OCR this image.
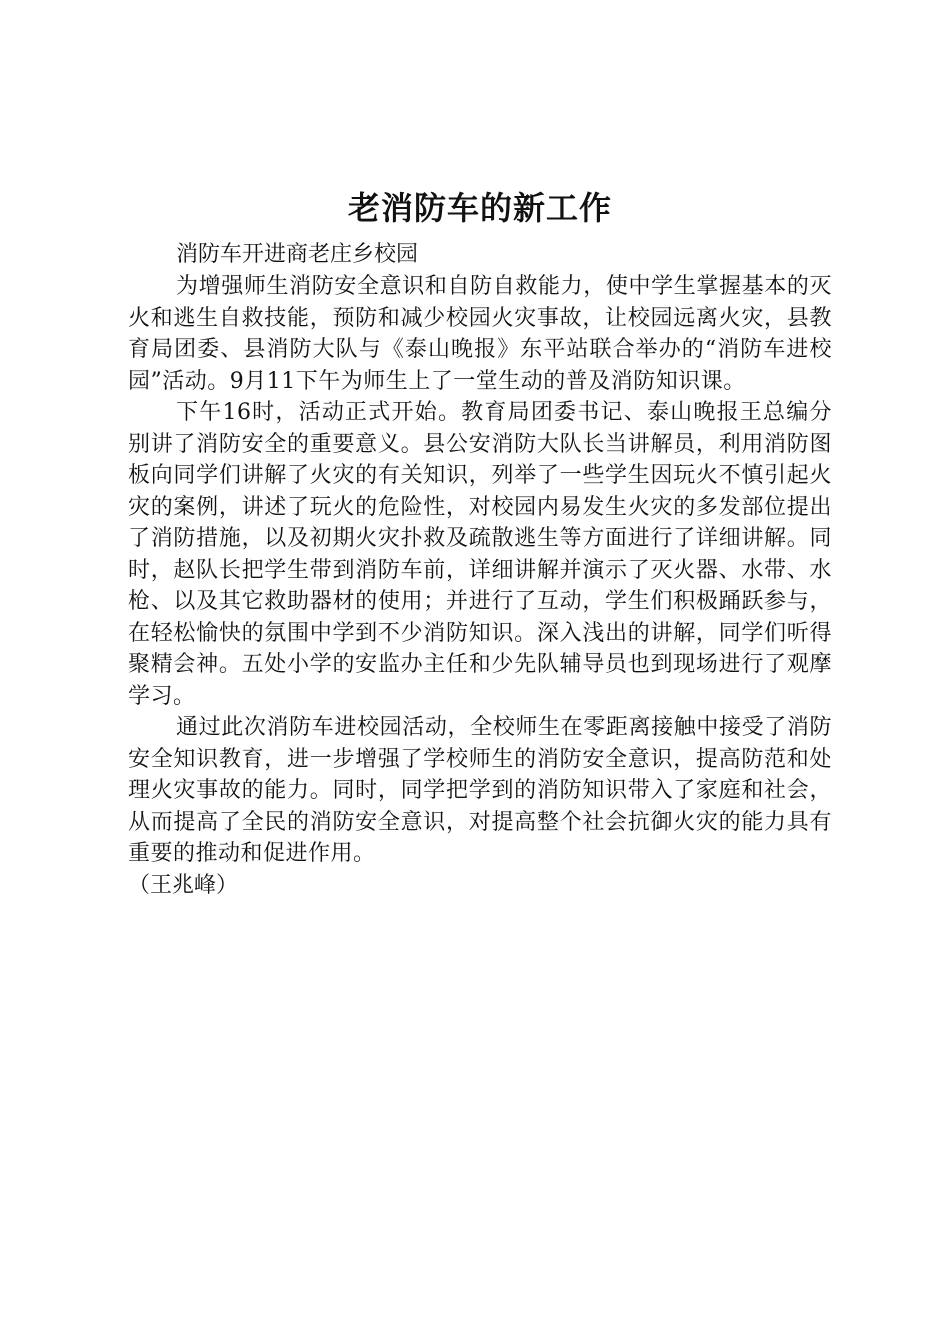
老消防车的新工作

消防车开进商老庄乡校园

为增强师生消防安全意识和自防自救能力，使中学生掌握基本的灭火和逃生自救技能，预防和减少校园火灾事故，让校园远离火灾，县教育局团委、县消防大队与《泰山晚报》东平站联合举办的“消防车进校园”活动。9月11下午为师生上了一堂生动的普及消防知识课。

下午16时，活动正式开始。教育局团委书记、泰山晚报王总编分别讲了消防安全的重要意义。县公安消防大队长当讲解员，利用消防图板向同学们讲解了火灾的有关知识，列举了一些学生因玩火不慎引起火灾的案例，讲述了玩火的危险性，对校园内易发生火灾的多发部位提出了消防措施，以及初期火灾扑救及疏散逃生等方面进行了详细讲解。同时，赵队长把学生带到消防车前，详细讲解并演示了灭火器、水带、水枪、以及其它救助器材的使用；并进行了互动，学生们积极踊跃参与，在轻松愉快的氛围中学到不少消防知识。深入浅出的讲解，同学们听得聚精会神。五处小学的安监办主任和少先队辅导员也到现场进行了观摩学习。

通过此次消防车进校园活动，全校师生在零距离接触中接受了消防安全知识教育，进一步增强了学校师生的消防安全意识，提高防范和处理火灾事故的能力。同时，同学把学到的消防知识带入了家庭和社会，从而提高了全民的消防安全意识，对提高整个社会抗御火灾的能力具有重要的推动和促进作用。

（王兆峰）
